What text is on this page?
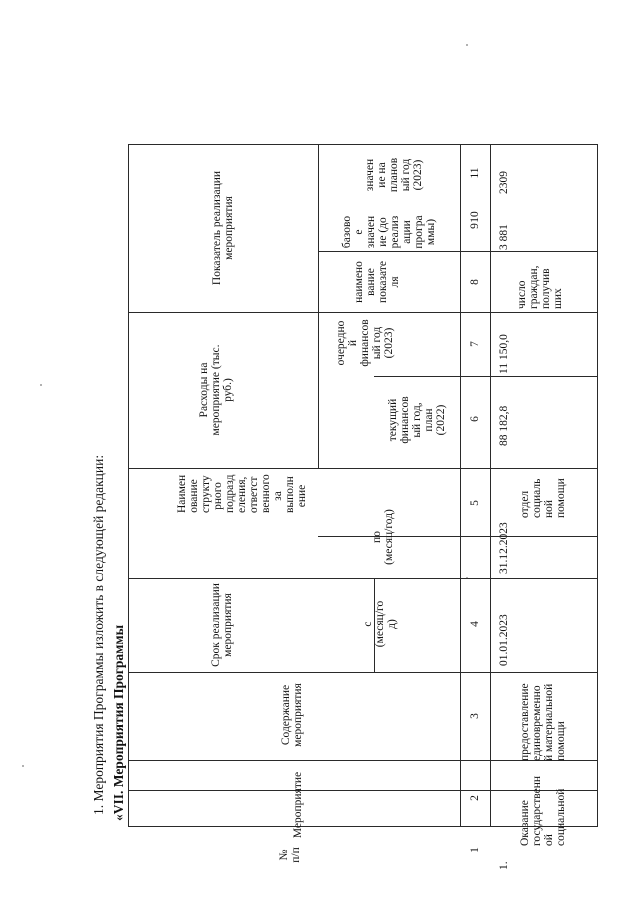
1. Мероприятия Программы изложить в следующей редакции: «VII. Мероприятия Программы
Показатель реализации мероприятия
значен ие на планов ый год (2023)
базово е значен ие (до реализ ации програ ммы)
наимено вание показате ля
Расходы на мероприятие (тыс. руб.)
очередно й финансов ый год (2023)
текущий финансов ый год, план (2022)
Наимен ование структу рного подразд еления, ответст венного за выполн ение
Срок реализации мероприятия
по (месяц/год)
с (месяц/го д)
Содержание мероприятия
Мероприятие
№ п/п	1
2
3
4
5
6
7
8
9
10
11
1.
Оказание государственн ой социальной
предоставление единовременно й материальной помощи
01.01.2023
31.12.2023
отдел социаль ной помощи
88 182,8
11 150,0
число граждан, получив ших
3 881
2309
